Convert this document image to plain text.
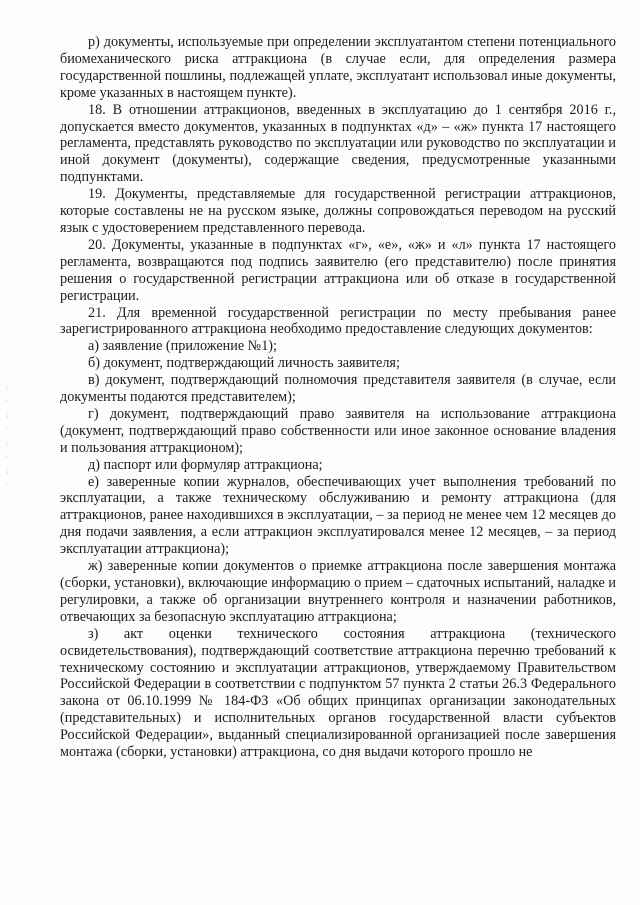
:
·
:
·
:
·
:
·

р) документы, используемые при определении эксплуатантом степени потенциального биомеханического риска аттракциона (в случае если, для определения размера государственной пошлины, подлежащей уплате, эксплуатант использовал иные документы, кроме указанных в настоящем пункте).

18. В отношении аттракционов, введенных в эксплуатацию до 1 сентября 2016 г., допускается вместо документов, указанных в подпунктах «д» – «ж» пункта 17 настоящего регламента, представлять руководство по эксплуатации или руководство по эксплуатации и иной документ (документы), содержащие сведения, предусмотренные указанными подпунктами.

19. Документы, представляемые для государственной регистрации аттракционов, которые составлены не на русском языке, должны сопровождаться переводом на русский язык с удостоверением представленного перевода.

20. Документы, указанные в подпунктах «г», «е», «ж» и «л» пункта 17 настоящего регламента, возвращаются под подпись заявителю (его представителю) после принятия решения о государственной регистрации аттракциона или об отказе в государственной регистрации.

21. Для временной государственной регистрации по месту пребывания ранее зарегистрированного аттракциона необходимо предоставление следующих документов:

а) заявление (приложение №1);

б) документ, подтверждающий личность заявителя;

в) документ, подтверждающий полномочия представителя заявителя (в случае, если документы подаются представителем);

г) документ, подтверждающий право заявителя на использование аттракциона (документ, подтверждающий право собственности или иное законное основание владения и пользования аттракционом);

д) паспорт или формуляр аттракциона;

е) заверенные копии журналов, обеспечивающих учет выполнения требований по эксплуатации, а также техническому обслуживанию и ремонту аттракциона (для аттракционов, ранее находившихся в эксплуатации, – за период не менее чем 12 месяцев до дня подачи заявления, а если аттракцион эксплуатировался менее 12 месяцев, – за период эксплуатации аттракциона);

ж) заверенные копии документов о приемке аттракциона после завершения монтажа (сборки, установки), включающие информацию о прием – сдаточных испытаний, наладке и регулировки, а также об организации внутреннего контроля и назначении работников, отвечающих за безопасную эксплуатацию аттракциона;

з) акт оценки технического состояния аттракциона (технического освидетельствования), подтверждающий соответствие аттракциона перечню требований к техническому состоянию и эксплуатации аттракционов, утверждаемому Правительством Российской Федерации в соответствии с подпунктом 57 пункта 2 статьи 26.3 Федерального закона от 06.10.1999 № 184-ФЗ «Об общих принципах организации законодательных (представительных) и исполнительных органов государственной власти субъектов Российской Федерации», выданный специализированной организацией после завершения монтажа (сборки, установки) аттракциона, со дня выдачи которого прошло не
